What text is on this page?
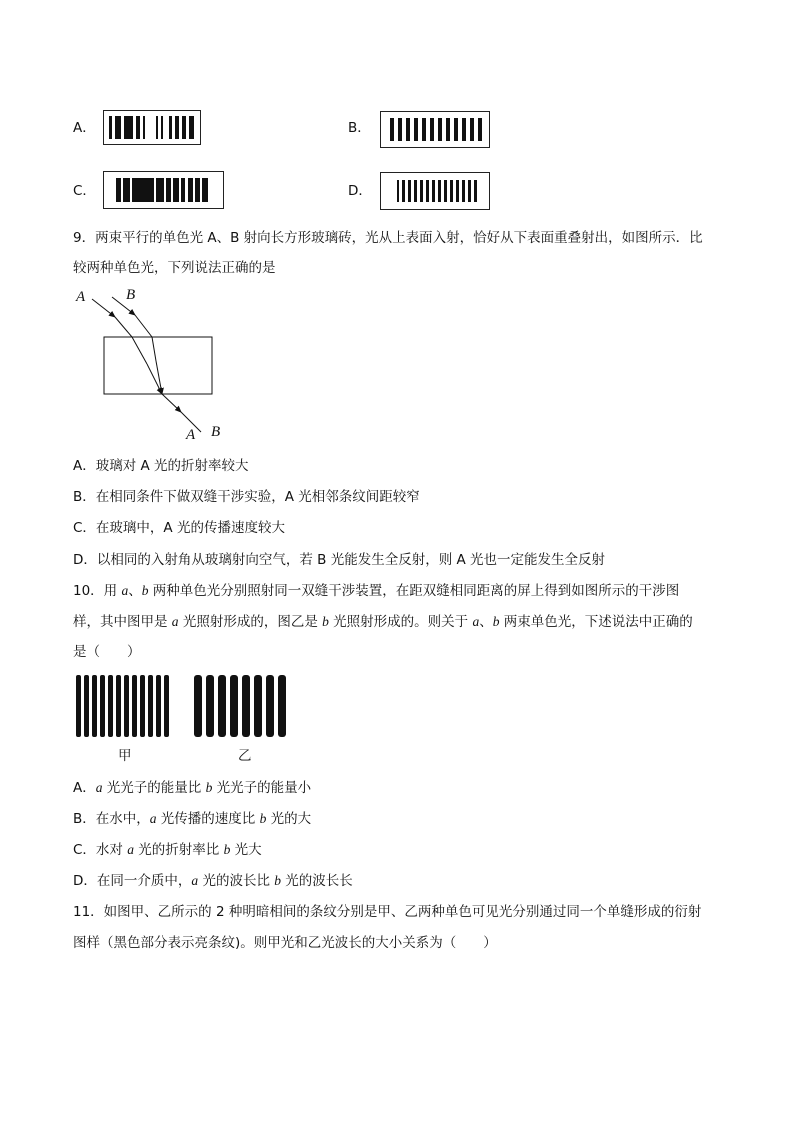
A．	B．
C．	D．
9．两束平行的单色光 A、B 射向长方形玻璃砖，光从上表面入射，恰好从下表面重叠射出，如图所示．比
较两种单色光，下列说法正确的是
A	B
A B
A．玻璃对 A 光的折射率较大
B．在相同条件下做双缝干涉实验，A 光相邻条纹间距较窄
C．在玻璃中，A 光的传播速度较大
D．以相同的入射角从玻璃射向空气，若 B 光能发生全反射，则 A 光也一定能发生全反射
10．用 a、b 两种单色光分别照射同一双缝干涉装置，在距双缝相同距离的屏上得到如图所示的干涉图
样，其中图甲是 a 光照射形成的，图乙是 b 光照射形成的。则关于 a、b 两束单色光，下述说法中正确的
是（　　）
甲	乙
A．a 光光子的能量比 b 光光子的能量小
B．在水中，a 光传播的速度比 b 光的大
C．水对 a 光的折射率比 b 光大
D．在同一介质中，a 光的波长比 b 光的波长长
11．如图甲、乙所示的 2 种明暗相间的条纹分别是甲、乙两种单色可见光分别通过同一个单缝形成的衍射
图样（黑色部分表示亮条纹)。则甲光和乙光波长的大小关系为（　　）
